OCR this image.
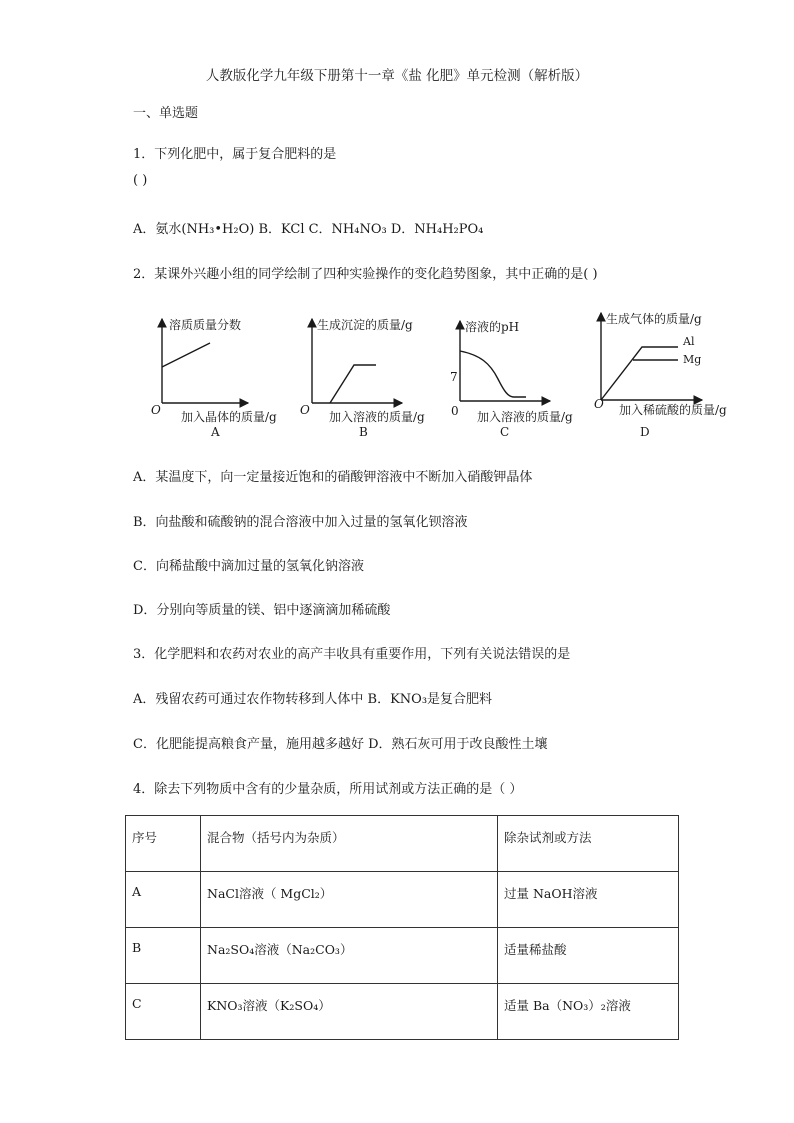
人教版化学九年级下册第十一章《盐 化肥》单元检测（解析版）
一、单选题
1．下列化肥中，属于复合肥料的是
( )
A．氨水(NH₃•H₂O) B．KCl C．NH₄NO₃ D．NH₄H₂PO₄
2．某课外兴趣小组的同学绘制了四种实验操作的变化趋势图象，其中正确的是( )
溶质质量分数
O 加入晶体的质量/g
A
生成沉淀的质量/g
O 加入溶液的质量/g
B
溶液的pH
7
0 加入溶液的质量/g
C
生成气体的质量/g
Al
Mg
O 加入稀硫酸的质量/g
D
A．某温度下，向一定量接近饱和的硝酸钾溶液中不断加入硝酸钾晶体
B．向盐酸和硫酸钠的混合溶液中加入过量的氢氧化钡溶液
C．向稀盐酸中滴加过量的氢氧化钠溶液
D．分别向等质量的镁、铝中逐滴滴加稀硫酸
3．化学肥料和农药对农业的高产丰收具有重要作用，下列有关说法错误的是
A．残留农药可通过农作物转移到人体中 B．KNO₃是复合肥料
C．化肥能提高粮食产量，施用越多越好 D．熟石灰可用于改良酸性土壤
4．除去下列物质中含有的少量杂质，所用试剂或方法正确的是（ ）
序号	混合物（括号内为杂质）	除杂试剂或方法
A	NaCl溶液（ MgCl₂）	过量 NaOH溶液
B	Na₂SO₄溶液（Na₂CO₃）	适量稀盐酸
C	KNO₃溶液（K₂SO₄）	适量 Ba（NO₃）₂溶液
